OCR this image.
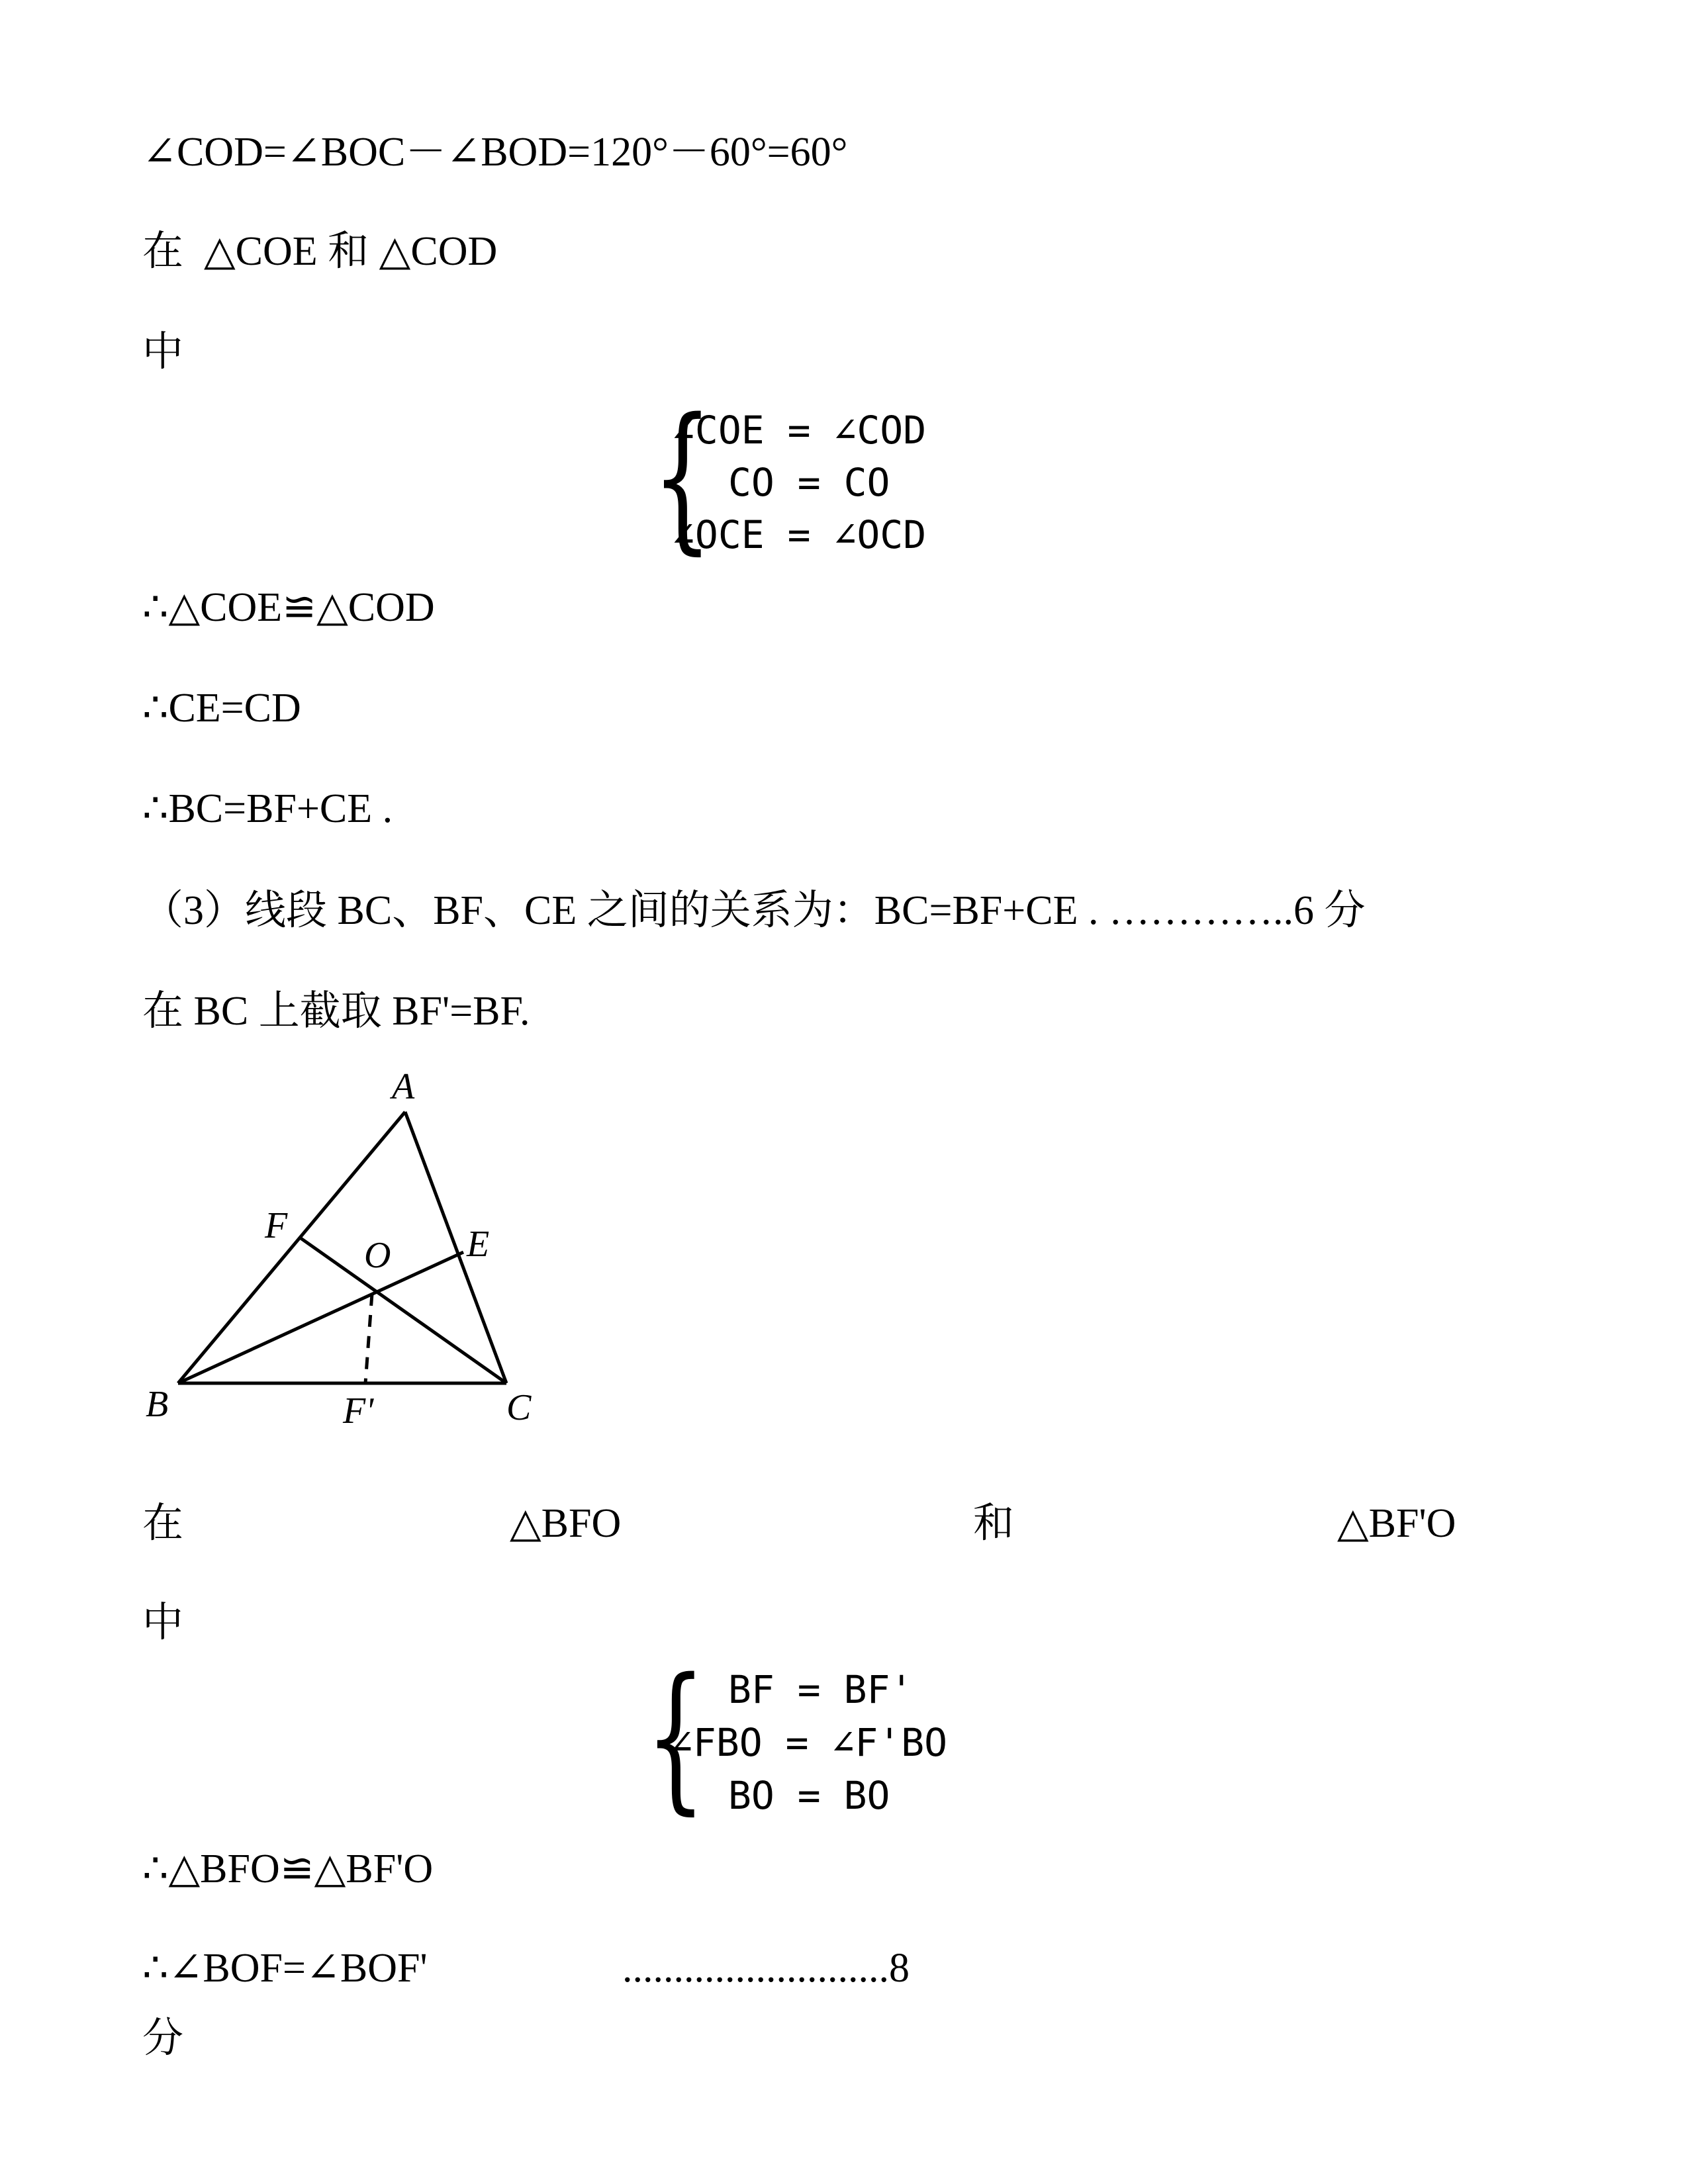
∠COD=∠BOC－∠BOD=120°－60°=60°
在  △COE 和 △COD
中
{
∠COE = ∠COD
CO = CO
∠OCE = ∠OCD
∴△COE≌△COD
∴CE=CD
∴BC=BF+CE .
（3）线段 BC、BF、CE 之间的关系为：BC=BF+CE . …………..6 分
在 BC 上截取 BF'=BF.
A
F
O E
B	F'	C
在	△BFO	和	△BF'O
中
{ BF = BF'
∠FBO = ∠F'BO
BO = BO
∴△BFO≌△BF'O
∴∠BOF=∠BOF'	..........................8
分
